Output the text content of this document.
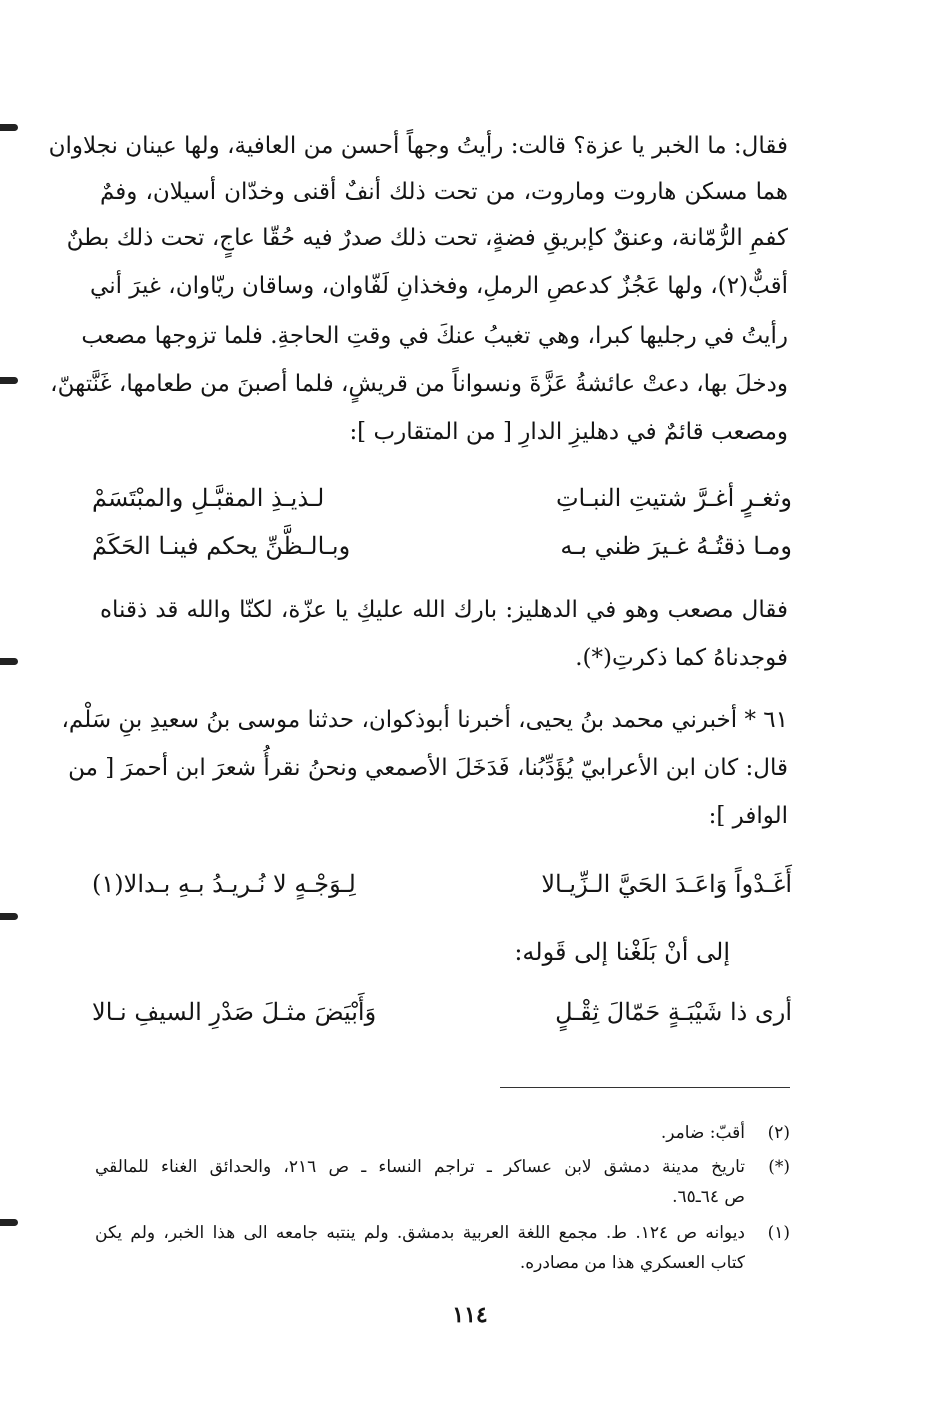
فقال: ما الخبر يا عزة؟ قالت: رأيتُ وجهاً أحسن من العافية، ولها عينان نجلاوان
هما مسكن هاروت وماروت، من تحت ذلك أنفٌ أقنى وخدّان أسيلان، وفمٌ
كفمِ الرُّمّانة، وعنقٌ كإبريقِ فضةٍ، تحت ذلك صدرٌ فيه حُقّا عاجٍ، تحت ذلك بطنٌ
أقبٌّ(٢)، ولها عَجُزٌ كدعصِ الرملِ، وفخذانِ لَفّاوان، وساقان ريّاوان، غيرَ أني
رأيتُ في رجليها كبرا، وهي تغيبُ عنكَ في وقتِ الحاجةِ. فلما تزوجها مصعب
ودخلَ بها، دعتْ عائشةُ عَزَّةَ ونسواناً من قريشٍ، فلما أصبنَ من طعامها، غَنَّتهنّ،
ومصعب قائمٌ في دهليزِ الدارِ [ من المتقارب ]:
وثغـرٍ أغـرَّ شتيتِ النبـاتِ
لـذيـذِ المقبَّـلِ والمبْتَسَمْ
ومـا ذقتُـهُ غـيرَ ظني بـه
وبـالـظَّنِّ يحكم فينـا الحَكَمْ
فقال مصعب وهو في الدهليز: بارك الله عليكِ يا عزّة، لكنّا والله قد ذقناه
فوجدناهُ كما ذكرتِ(*).
٦١ * أخبرني محمد بنُ يحيى، أخبرنا أبوذكوان، حدثنا موسى بنُ سعيدِ بنِ سَلْم،
قال: كان ابن الأعرابيّ يُؤَدِّبُنا، فَدَخَلَ الأصمعي ونحنُ نقرأُ شعرَ ابن أحمرَ [ من
الوافر ]:
أَغَـدْواً وَاعَـدَ الحَيَّ الـزِّيـالا
لِـوَجْـهٍ لا نُـريـدُ بـهِ بـدالا(١)
إلى أنْ بَلَغْنا إلى قَوله:
أرى ذا شَيْبَـةٍ حَمّالَ ثِقْـلٍ
وَأَبْيَضَ مثـلَ صَدْرِ السيفِ نـالا
(٢)
أقبّ: ضامر.
(*)
تاريخ مدينة دمشق لابن عساكر ـ تراجم النساء ـ ص ٢١٦، والحدائق الغناء للمالقي
ص ٦٤ـ٦٥.
(١)
ديوانه ص ١٢٤. ط. مجمع اللغة العربية بدمشق. ولم ينتبه جامعه الى هذا الخبر، ولم يكن
كتاب العسكري هذا من مصادره.
١١٤
